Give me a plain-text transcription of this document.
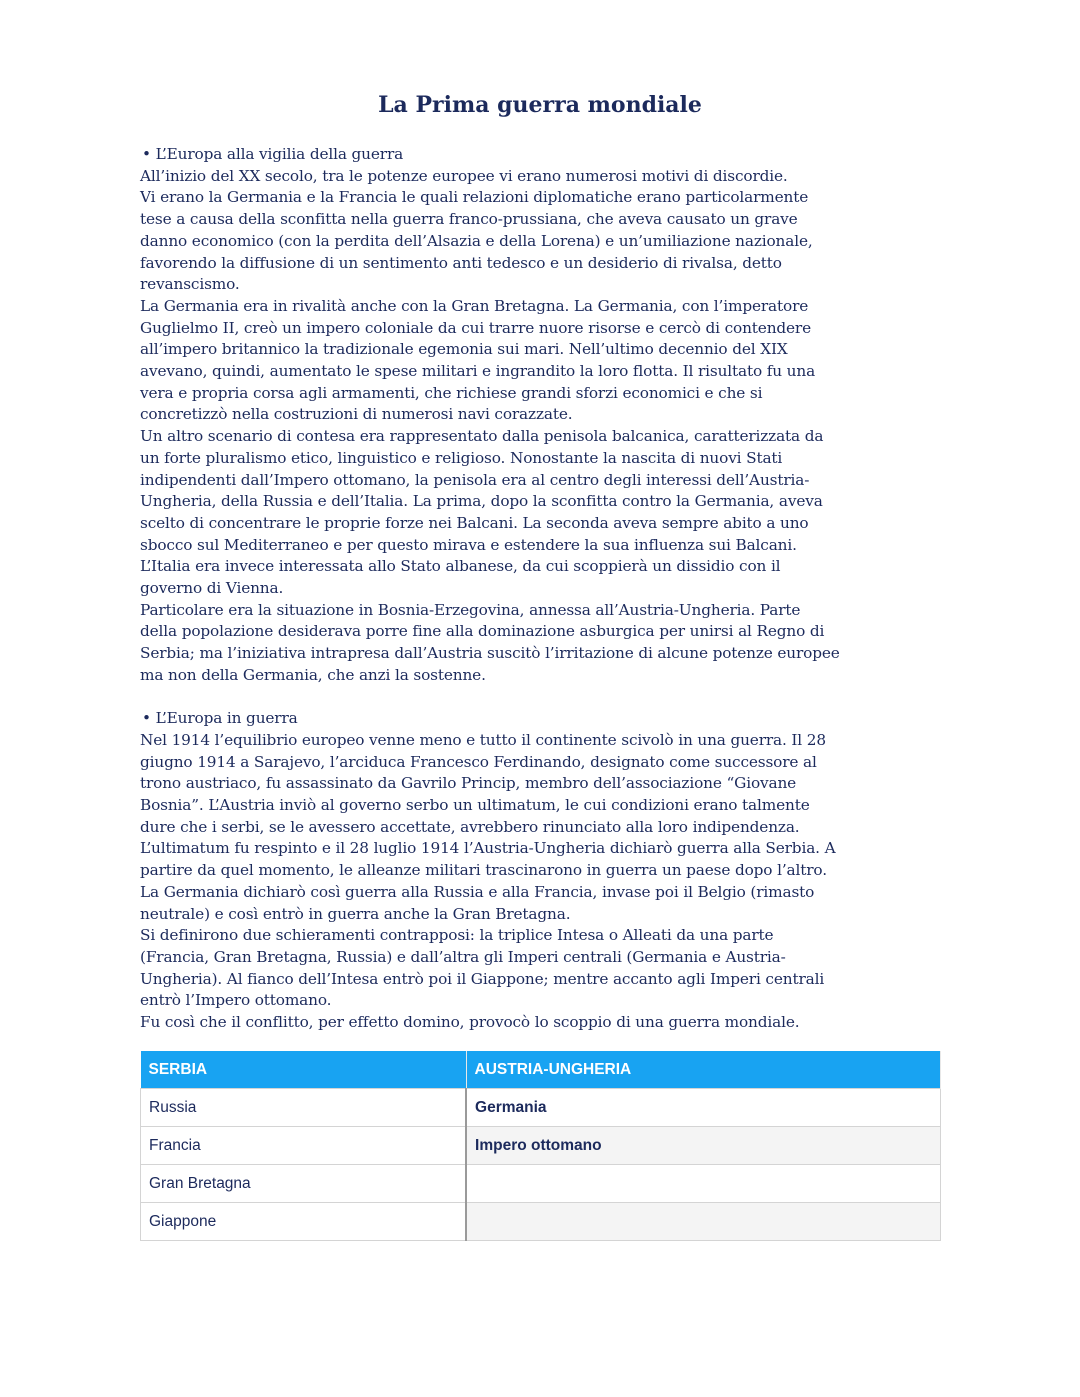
La Prima guerra mondiale
• L’Europa alla vigilia della guerra
All’inizio del XX secolo, tra le potenze europee vi erano numerosi motivi di discordie.
Vi erano la Germania e la Francia le quali relazioni diplomatiche erano particolarmente
tese a causa della sconfitta nella guerra franco-prussiana, che aveva causato un grave
danno economico (con la perdita dell’Alsazia e della Lorena) e un’umiliazione nazionale,
favorendo la diffusione di un sentimento anti tedesco e un desiderio di rivalsa, detto
revanscismo.
La Germania era in rivalità anche con la Gran Bretagna. La Germania, con l’imperatore
Guglielmo II, creò un impero coloniale da cui trarre nuore risorse e cercò di contendere
all’impero britannico la tradizionale egemonia sui mari. Nell’ultimo decennio del XIX
avevano, quindi, aumentato le spese militari e ingrandito la loro flotta. Il risultato fu una
vera e propria corsa agli armamenti, che richiese grandi sforzi economici e che si
concretizzò nella costruzioni di numerosi navi corazzate.
Un altro scenario di contesa era rappresentato dalla penisola balcanica, caratterizzata da
un forte pluralismo etico, linguistico e religioso. Nonostante la nascita di nuovi Stati
indipendenti dall’Impero ottomano, la penisola era al centro degli interessi dell’Austria-
Ungheria, della Russia e dell’Italia. La prima, dopo la sconfitta contro la Germania, aveva
scelto di concentrare le proprie forze nei Balcani. La seconda aveva sempre abito a uno
sbocco sul Mediterraneo e per questo mirava e estendere la sua influenza sui Balcani.
L’Italia era invece interessata allo Stato albanese, da cui scoppierà un dissidio con il
governo di Vienna.
Particolare era la situazione in Bosnia-Erzegovina, annessa all’Austria-Ungheria. Parte
della popolazione desiderava porre fine alla dominazione asburgica per unirsi al Regno di
Serbia; ma l’iniziativa intrapresa dall’Austria suscitò l’irritazione di alcune potenze europee
ma non della Germania, che anzi la sostenne.
• L’Europa in guerra
Nel 1914 l’equilibrio europeo venne meno e tutto il continente scivolò in una guerra. Il 28
giugno 1914 a Sarajevo, l’arciduca Francesco Ferdinando, designato come successore al
trono austriaco, fu assassinato da Gavrilo Princip, membro dell’associazione “Giovane
Bosnia”. L’Austria inviò al governo serbo un ultimatum, le cui condizioni erano talmente
dure che i serbi, se le avessero accettate, avrebbero rinunciato alla loro indipendenza.
L’ultimatum fu respinto e il 28 luglio 1914 l’Austria-Ungheria dichiarò guerra alla Serbia. A
partire da quel momento, le alleanze militari trascinarono in guerra un paese dopo l’altro.
La Germania dichiarò così guerra alla Russia e alla Francia, invase poi il Belgio (rimasto
neutrale) e così entrò in guerra anche la Gran Bretagna.
Si definirono due schieramenti contrapposi: la triplice Intesa o Alleati da una parte
(Francia, Gran Bretagna, Russia) e dall’altra gli Imperi centrali (Germania e Austria-
Ungheria). Al fianco dell’Intesa entrò poi il Giappone; mentre accanto agli Imperi centrali
entrò l’Impero ottomano.
Fu così che il conflitto, per effetto domino, provocò lo scoppio di una guerra mondiale.
SERBIA	AUSTRIA-UNGHERIA
Russia	Germania
Francia	Impero ottomano
Gran Bretagna	
Giappone	
